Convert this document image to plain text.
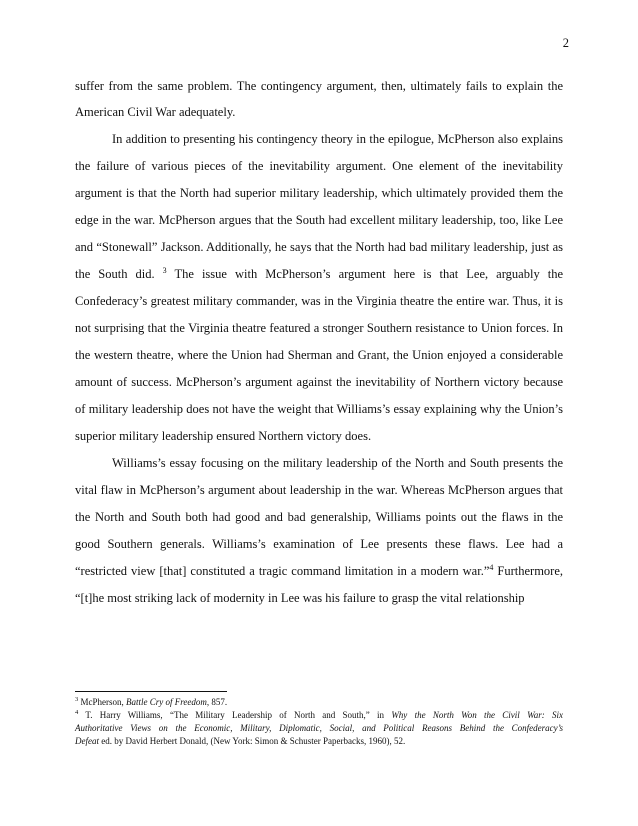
2
suffer from the same problem. The contingency argument, then, ultimately fails to explain the
American Civil War adequately.
In addition to presenting his contingency theory in the epilogue, McPherson also explains
the failure of various pieces of the inevitability argument. One element of the inevitability
argument is that the North had superior military leadership, which ultimately provided them the
edge in the war. McPherson argues that the South had excellent military leadership, too, like Lee
and “Stonewall” Jackson. Additionally, he says that the North had bad military leadership, just as
the South did. $^3$ The issue with McPherson’s argument here is that Lee, arguably the
Confederacy’s greatest military commander, was in the Virginia theatre the entire war. Thus, it is
not surprising that the Virginia theatre featured a stronger Southern resistance to Union forces. In
the western theatre, where the Union had Sherman and Grant, the Union enjoyed a considerable
amount of success. McPherson’s argument against the inevitability of Northern victory because
of military leadership does not have the weight that Williams’s essay explaining why the Union’s
superior military leadership ensured Northern victory does.
Williams’s essay focusing on the military leadership of the North and South presents the
vital flaw in McPherson’s argument about leadership in the war. Whereas McPherson argues that
the North and South both had good and bad generalship, Williams points out the flaws in the
good Southern generals. Williams’s examination of Lee presents these flaws. Lee had a
“restricted view [that] constituted a tragic command limitation in a modern war.”$^4$ Furthermore,
“[t]he most striking lack of modernity in Lee was his failure to grasp the vital relationship
$^3$ McPherson, Battle Cry of Freedom, 857.
$^4$ T. Harry Williams, “The Military Leadership of North and South,” in Why the North Won the Civil War: Six
Authoritative Views on the Economic, Military, Diplomatic, Social, and Political Reasons Behind the Confederacy’s
Defeat ed. by David Herbert Donald, (New York: Simon & Schuster Paperbacks, 1960), 52.
